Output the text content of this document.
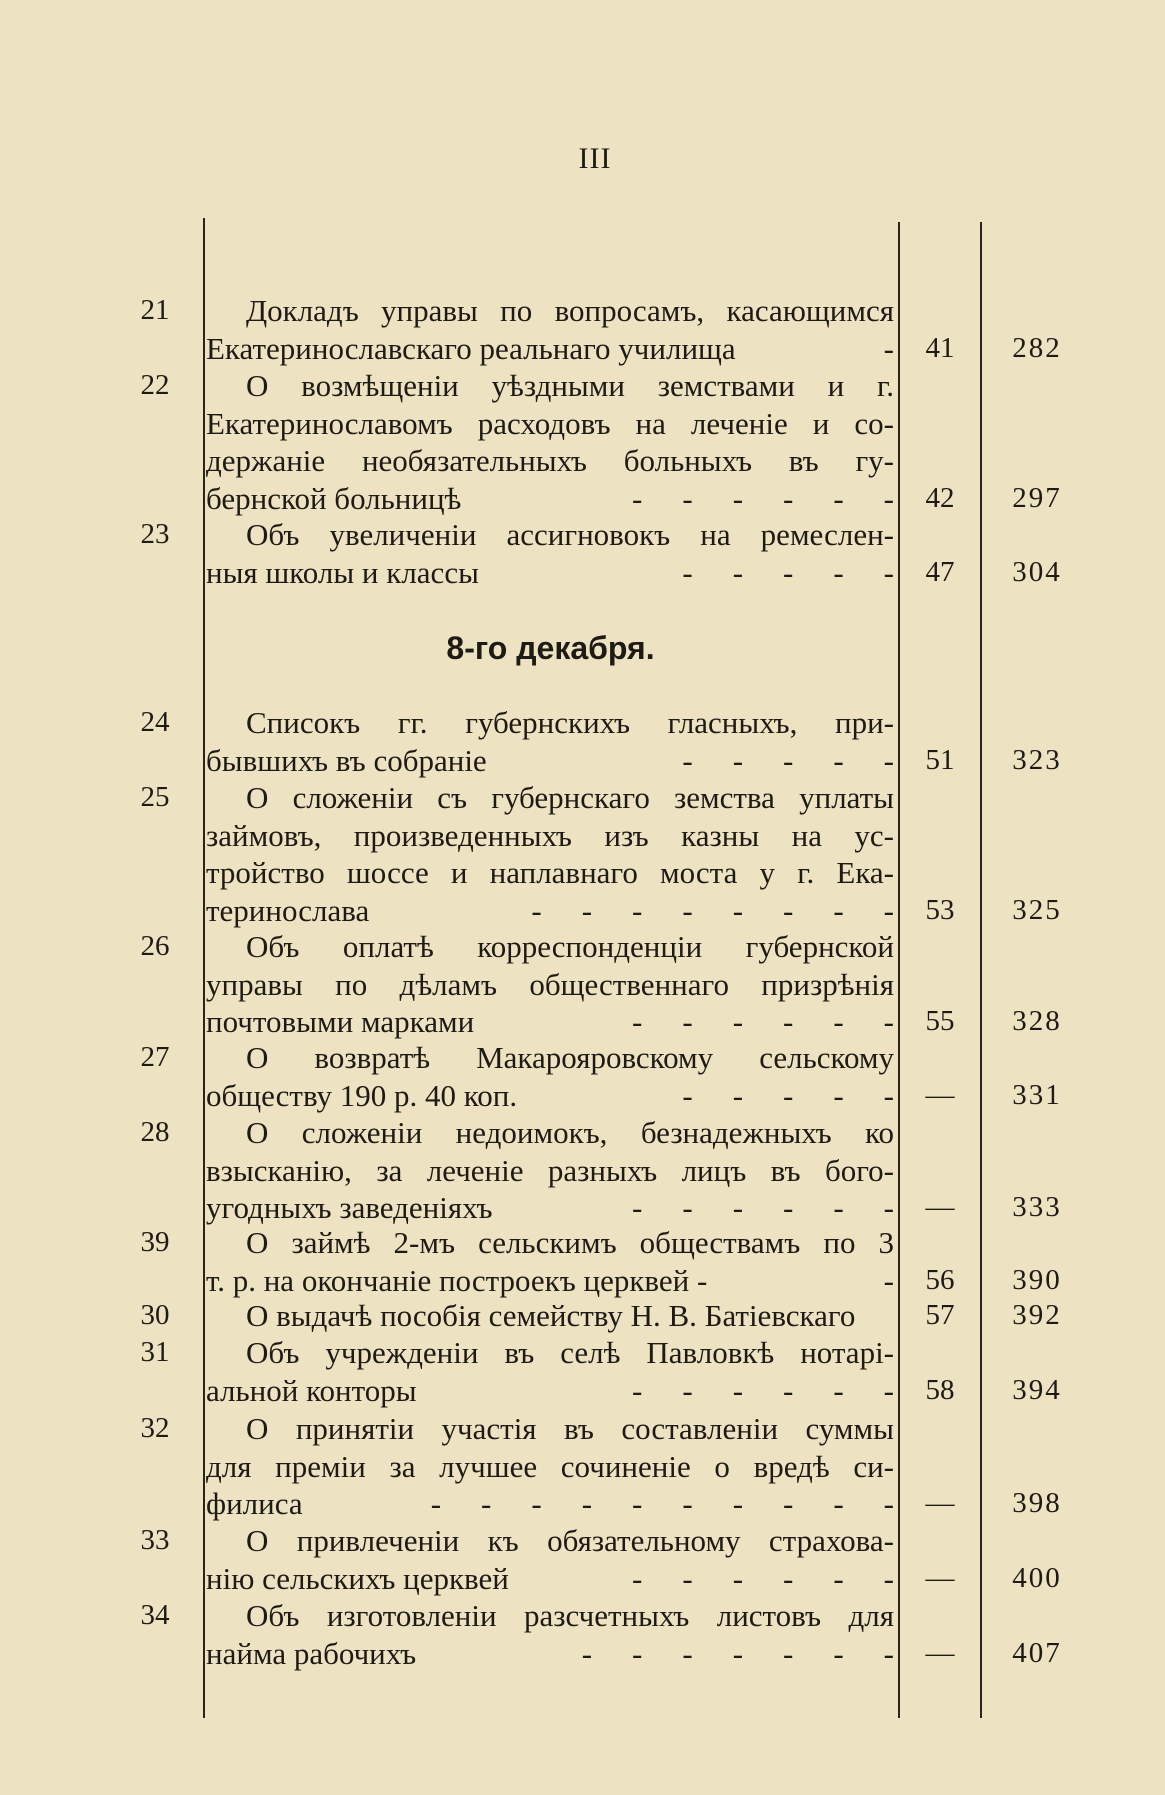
III
8-го декабря.
21	Докладъ управы по вопросамъ, касающимся
Екатеринославскаго реальнаго училища	-	41	282
22	О возмѣщеніи уѣздными земствами и г.
Екатеринославомъ расходовъ на леченіе и со-
держаніе необязательныхъ больныхъ въ гу-
бернской больницѣ	- - - - - -	42	297
23	Объ увеличеніи ассигновокъ на ремеслен-
ныя школы и классы	- - - - -	47	304
24	Списокъ гг. губернскихъ гласныхъ, при-
бывшихъ въ собраніе	- - - - -	51	323
25	О сложеніи съ губернскаго земства уплаты
займовъ, произведенныхъ изъ казны на ус-
тройство шоссе и наплавнаго моста у г. Ека-
теринослава	- - - - - - - -	53	325
26	Объ оплатѣ корреспонденціи губернской
управы по дѣламъ общественнаго призрѣнія
почтовыми марками	- - - - - -	55	328
27	О возвратѣ Макарояровскому сельскому
обществу 190 р. 40 коп.	- - - - -	—	331
28	О сложеніи недоимокъ, безнадежныхъ ко
взысканію, за леченіе разныхъ лицъ въ бого-
угодныхъ заведеніяхъ	- - - - - -	—	333
39	О займѣ 2-мъ сельскимъ обществамъ по 3
т. р. на окончаніе построекъ церквей -	-	56	390
30	О выдачѣ пособія семейству Н. В. Батіевскаго	57	392
31	Объ учрежденіи въ селѣ Павловкѣ нотарі-
альной конторы	- - - - - -	58	394
32	О принятіи участія въ составленіи суммы
для преміи за лучшее сочиненіе о вредѣ си-
филиса	- - - - - - - - - -	—	398
33	О привлеченіи къ обязательному страхова-
нію сельскихъ церквей	- - - - - -	—	400
34	Объ изготовленіи разсчетныхъ листовъ для
найма рабочихъ	- - - - - - -	—	407
